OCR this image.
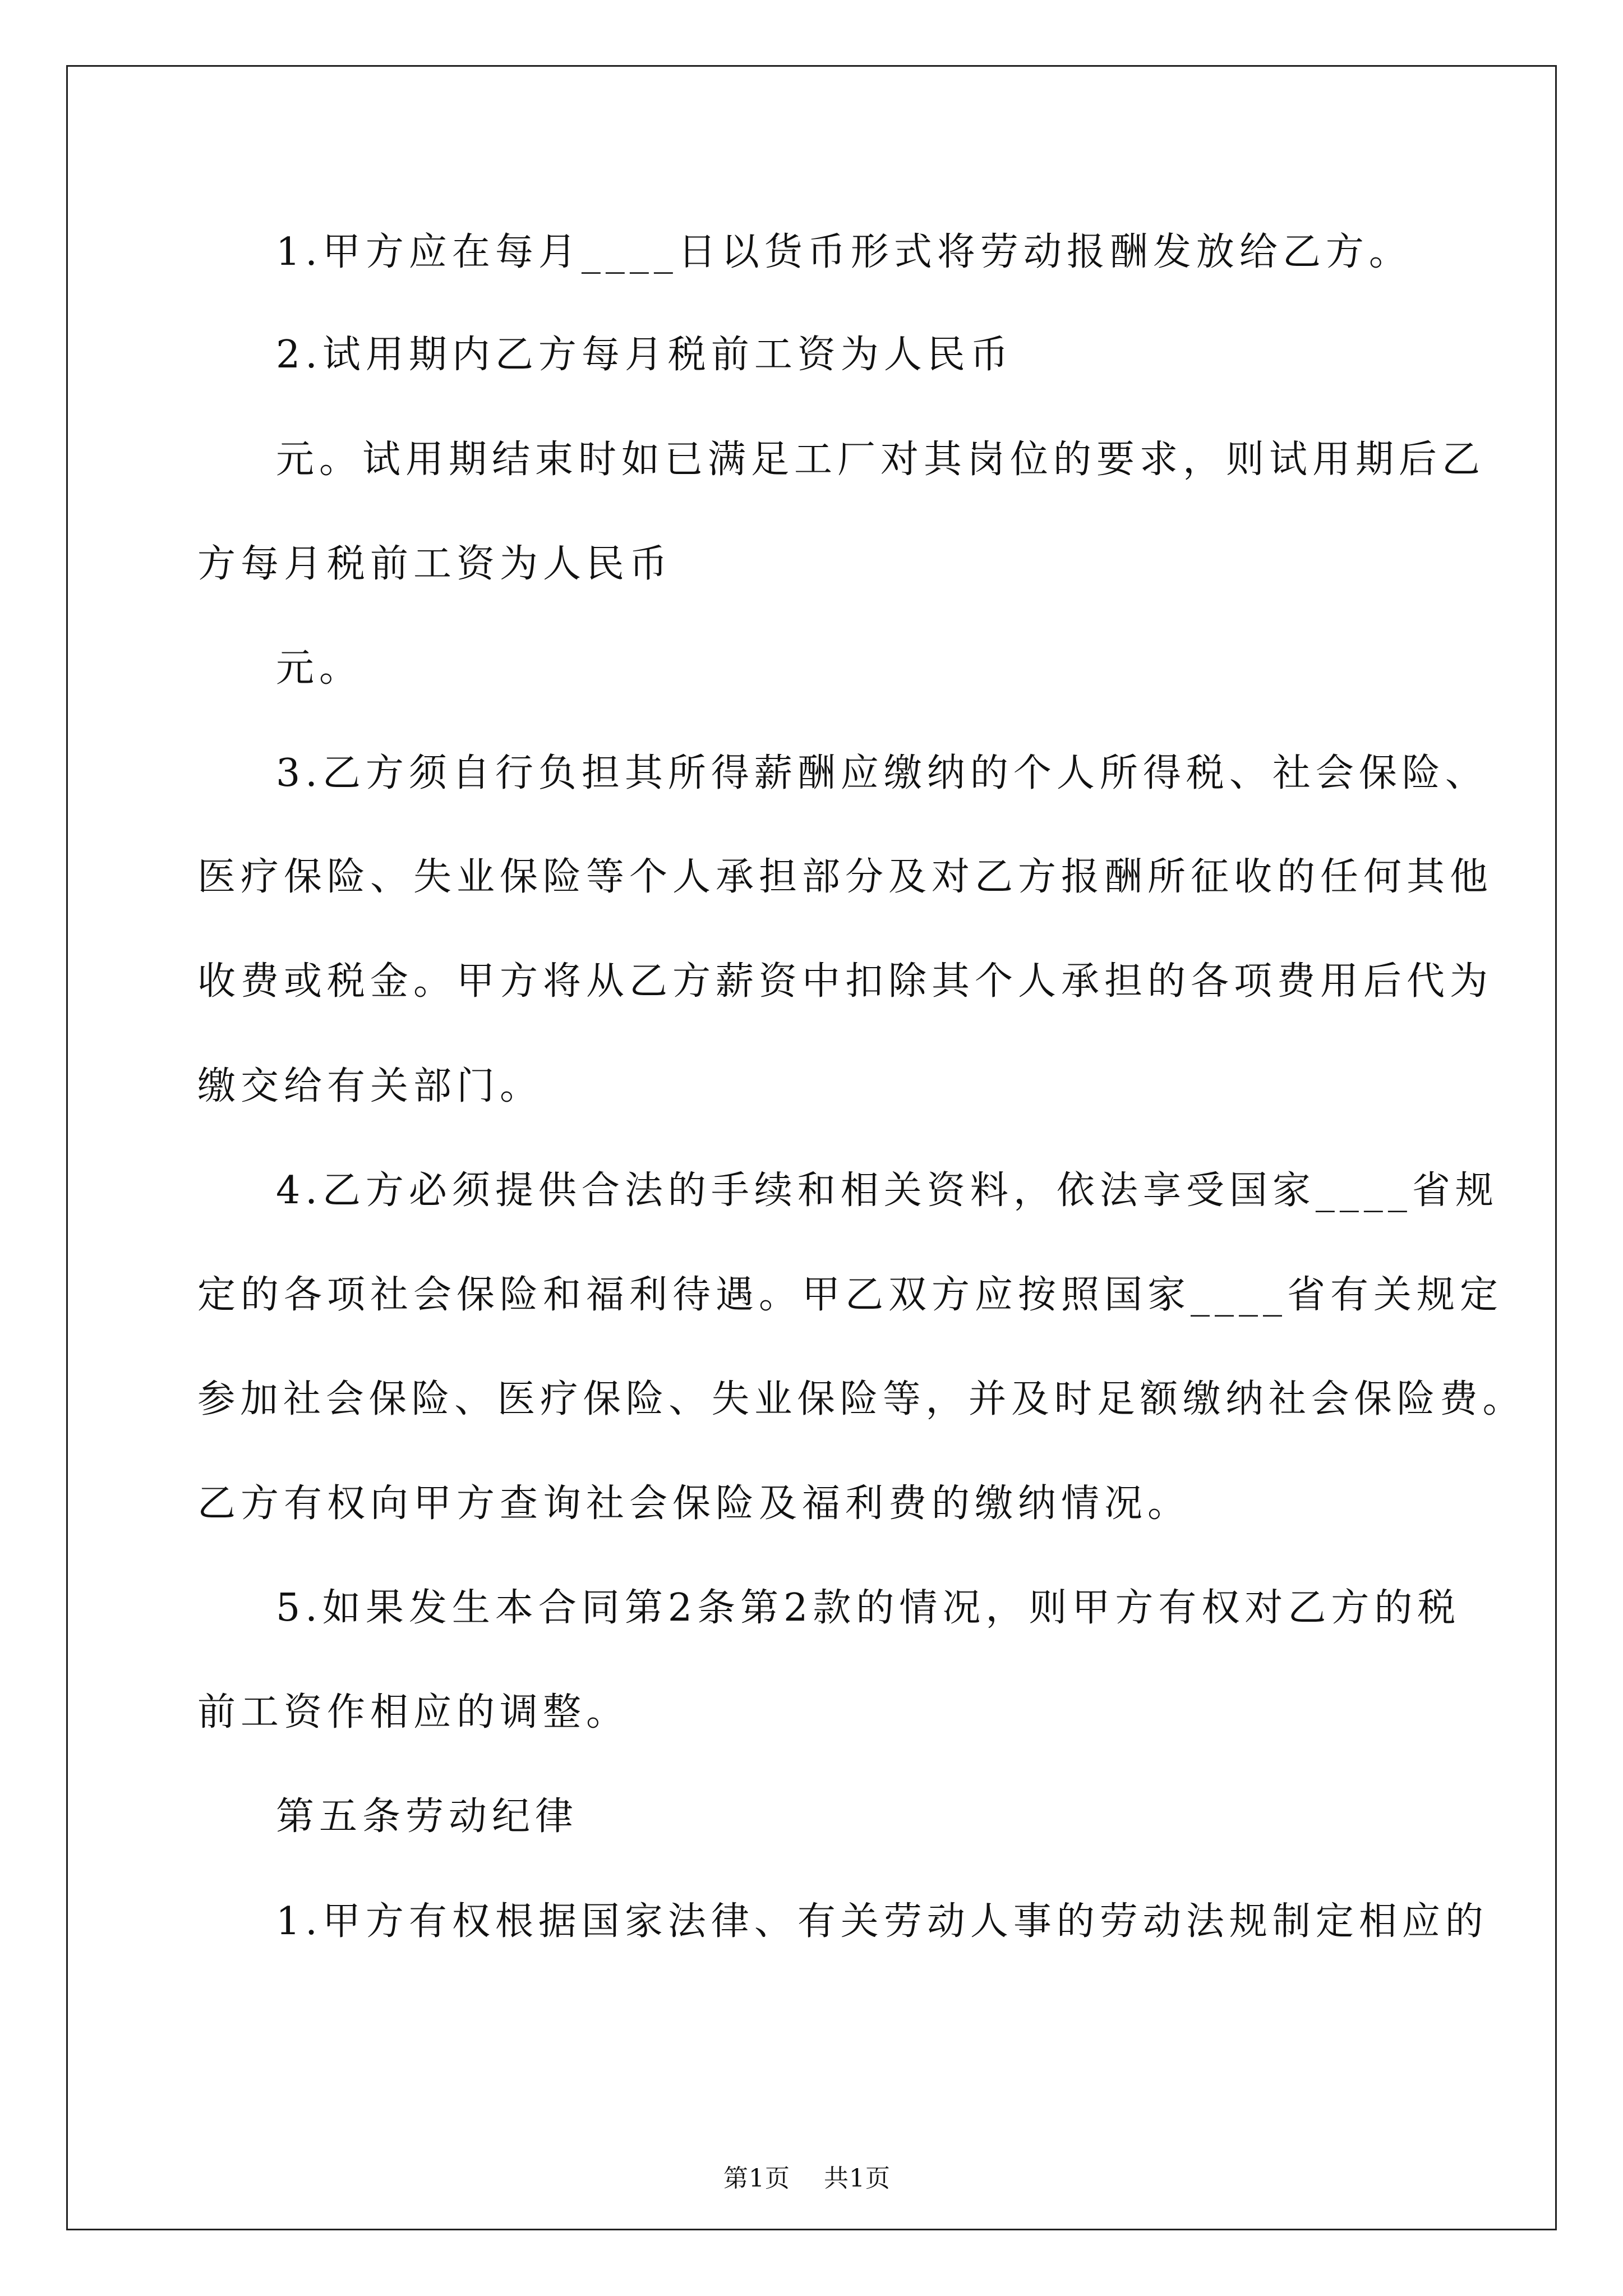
1.甲方应在每月____日以货币形式将劳动报酬发放给乙方。
2.试用期内乙方每月税前工资为人民币
元。试用期结束时如已满足工厂对其岗位的要求，则试用期后乙
方每月税前工资为人民币
元。
3.乙方须自行负担其所得薪酬应缴纳的个人所得税、社会保险、
医疗保险、失业保险等个人承担部分及对乙方报酬所征收的任何其他
收费或税金。甲方将从乙方薪资中扣除其个人承担的各项费用后代为
缴交给有关部门。
4.乙方必须提供合法的手续和相关资料，依法享受国家____省规
定的各项社会保险和福利待遇。甲乙双方应按照国家____省有关规定
参加社会保险、医疗保险、失业保险等，并及时足额缴纳社会保险费。
乙方有权向甲方查询社会保险及福利费的缴纳情况。
5.如果发生本合同第2条第2款的情况，则甲方有权对乙方的税
前工资作相应的调整。
第五条劳动纪律
1.甲方有权根据国家法律、有关劳动人事的劳动法规制定相应的
第1页 共1页
